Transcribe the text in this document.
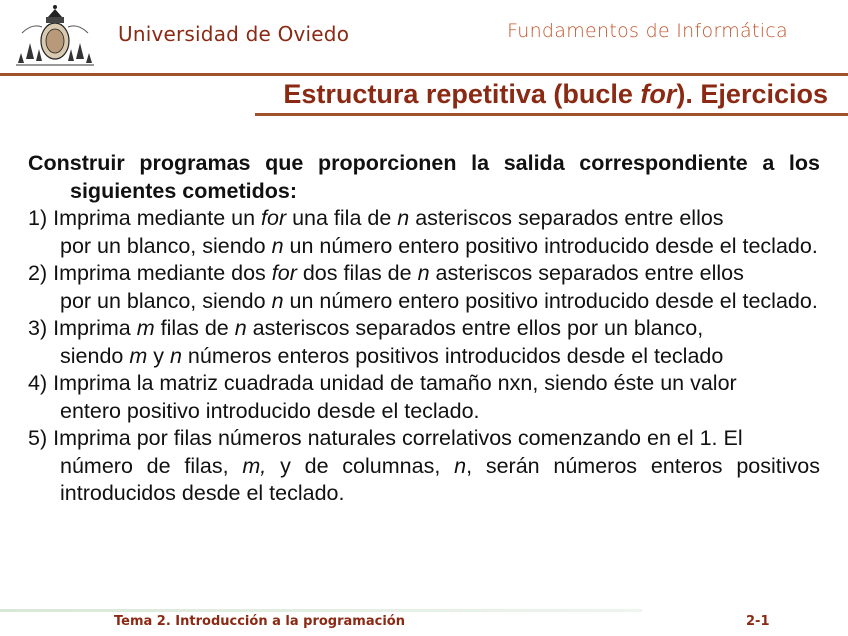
Universidad de Oviedo	Fundamentos de Informática
Estructura repetitiva (bucle for). Ejercicios
Construir programas que proporcionen la salida correspondiente a los siguientes cometidos:
1) Imprima mediante un for una fila de n asteriscos separados entre ellos
por un blanco, siendo n un número entero positivo introducido desde el teclado.
2) Imprima mediante dos for dos filas de n asteriscos separados entre ellos
por un blanco, siendo n un número entero positivo introducido desde el teclado.
3) Imprima m filas de n asteriscos separados entre ellos por un blanco,
siendo m y n números enteros positivos introducidos desde el teclado
4) Imprima la matriz cuadrada unidad de tamaño nxn, siendo éste un valor
entero positivo introducido desde el teclado.
5) Imprima por filas números naturales correlativos comenzando en el 1. El
número de filas, m, y de columnas, n, serán números enteros positivos introducidos desde el teclado.
Tema 2. Introducción a la programación	2-1
